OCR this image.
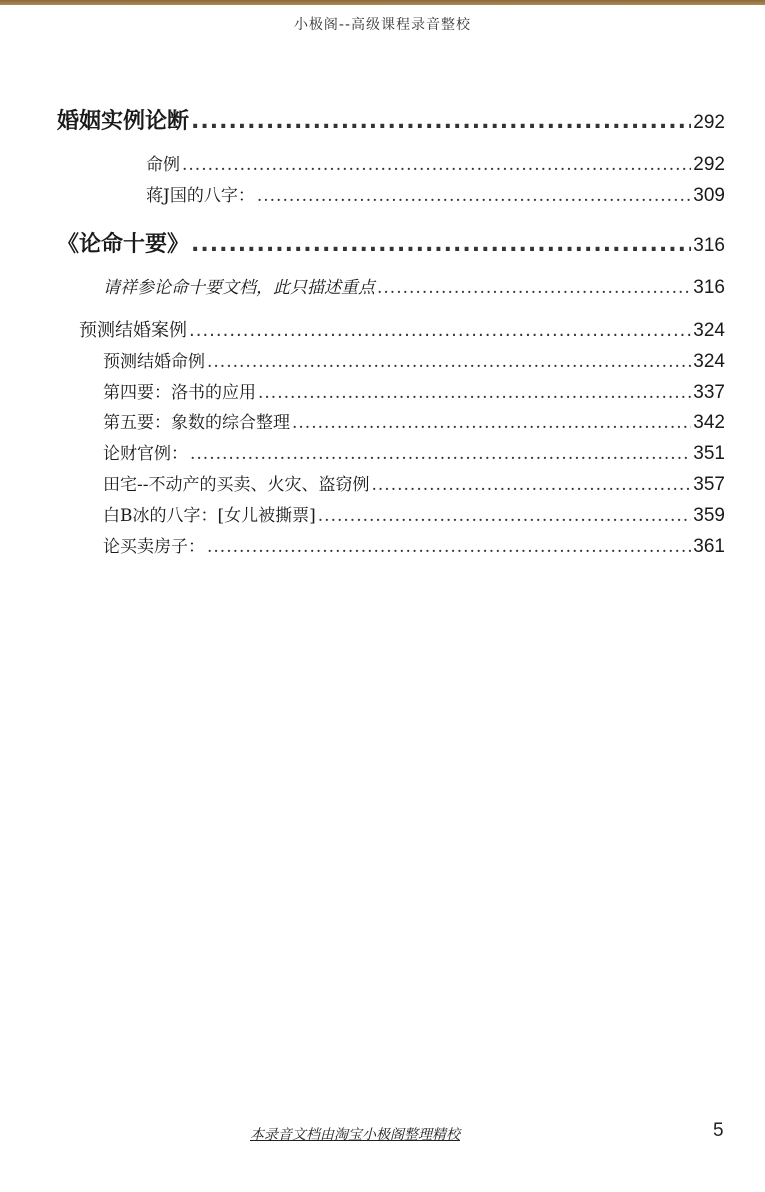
小极阁--高级课程录音整校
婚姻实例论断 .....	292
命例 .....	292
蒋J国的八字： .....	309
《论命十要》 .....	316
请祥参论命十要文档，此只描述重点 .....	316
预测结婚案例 .....	324
预测结婚命例 .....	324
第四要：洛书的应用 .....	337
第五要：象数的综合整理 .....	342
论财官例： .....	351
田宅--不动产的买卖、火灾、盗窃例 .....	357
白B冰的八字：[女儿被撕票] .....	359
论买卖房子： .....	361
本录音文档由淘宝小极阁整理精校	5
